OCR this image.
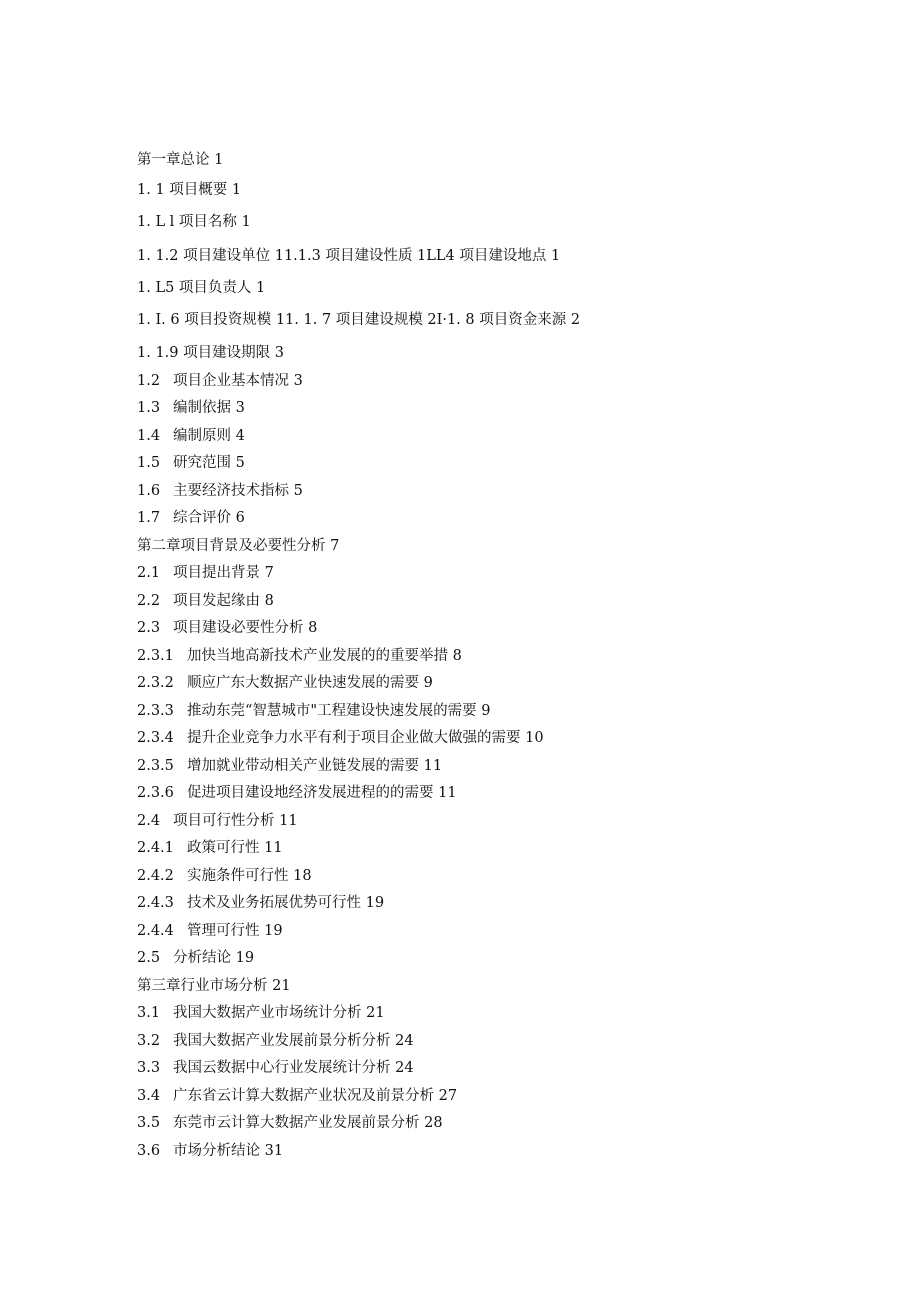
第一章总论 1
1. 1 项目概要 1
1. L l 项目名称 1
1. 1.2 项目建设单位 11.1.3 项目建设性质 1LL4 项目建设地点 1
1. L5 项目负责人 1
1. I. 6 项目投资规模 11. 1. 7 项目建设规模 2I·1. 8 项目资金来源 2
1. 1.9 项目建设期限 3
1.2 项目企业基本情况 3
1.3 编制依据 3
1.4 编制原则 4
1.5 研究范围 5
1.6 主要经济技术指标 5
1.7 综合评价 6
第二章项目背景及必要性分析 7
2.1 项目提出背景 7
2.2 项目发起缘由 8
2.3 项目建设必要性分析 8
2.3.1 加快当地高新技术产业发展的的重要举措 8
2.3.2 顺应广东大数据产业快速发展的需要 9
2.3.3 推动东莞“智慧城市"工程建设快速发展的需要 9
2.3.4 提升企业竞争力水平有利于项目企业做大做强的需要 10
2.3.5 增加就业带动相关产业链发展的需要 11
2.3.6 促进项目建设地经济发展进程的的需要 11
2.4 项目可行性分析 11
2.4.1 政策可行性 11
2.4.2 实施条件可行性 18
2.4.3 技术及业务拓展优势可行性 19
2.4.4 管理可行性 19
2.5 分析结论 19
第三章行业市场分析 21
3.1 我国大数据产业市场统计分析 21
3.2 我国大数据产业发展前景分析分析 24
3.3 我国云数据中心行业发展统计分析 24
3.4 广东省云计算大数据产业状况及前景分析 27
3.5 东莞市云计算大数据产业发展前景分析 28
3.6 市场分析结论 31
